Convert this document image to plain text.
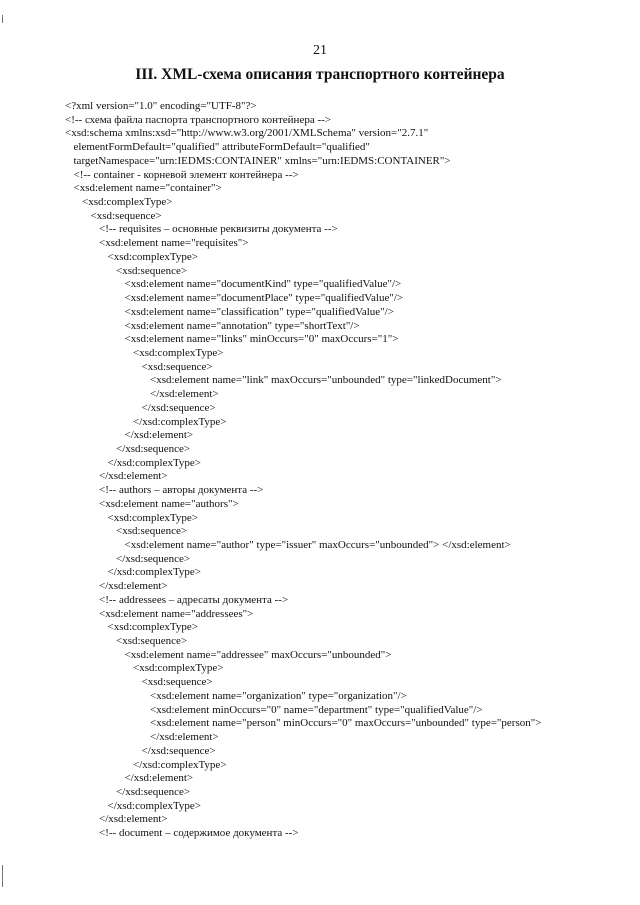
21
III. XML-схема описания транспортного контейнера
<?xml version="1.0" encoding="UTF-8"?>
<!-- схема файла паспорта транспортного контейнера -->
<xsd:schema xmlns:xsd="http://www.w3.org/2001/XMLSchema" version="2.7.1"
elementFormDefault="qualified" attributeFormDefault="qualified"
targetNamespace="urn:IEDMS:CONTAINER" xmlns="urn:IEDMS:CONTAINER">
<!-- container - корневой элемент контейнера -->
<xsd:element name="container">
<xsd:complexType>
<xsd:sequence>
<!-- requisites – основные реквизиты документа -->
<xsd:element name="requisites">
<xsd:complexType>
<xsd:sequence>
<xsd:element name="documentKind" type="qualifiedValue"/>
<xsd:element name="documentPlace" type="qualifiedValue"/>
<xsd:element name="classification" type="qualifiedValue"/>
<xsd:element name="annotation" type="shortText"/>
<xsd:element name="links" minOccurs="0" maxOccurs="1">
<xsd:complexType>
<xsd:sequence>
<xsd:element name="link" maxOccurs="unbounded" type="linkedDocument">
</xsd:element>
</xsd:sequence>
</xsd:complexType>
</xsd:element>
</xsd:sequence>
</xsd:complexType>
</xsd:element>
<!-- authors – авторы документа -->
<xsd:element name="authors">
<xsd:complexType>
<xsd:sequence>
<xsd:element name="author" type="issuer" maxOccurs="unbounded"> </xsd:element>
</xsd:sequence>
</xsd:complexType>
</xsd:element>
<!-- addressees – адресаты документа -->
<xsd:element name="addressees">
<xsd:complexType>
<xsd:sequence>
<xsd:element name="addressee" maxOccurs="unbounded">
<xsd:complexType>
<xsd:sequence>
<xsd:element name="organization" type="organization"/>
<xsd:element minOccurs="0" name="department" type="qualifiedValue"/>
<xsd:element name="person" minOccurs="0" maxOccurs="unbounded" type="person">
</xsd:element>
</xsd:sequence>
</xsd:complexType>
</xsd:element>
</xsd:sequence>
</xsd:complexType>
</xsd:element>
<!-- document – содержимое документа -->
